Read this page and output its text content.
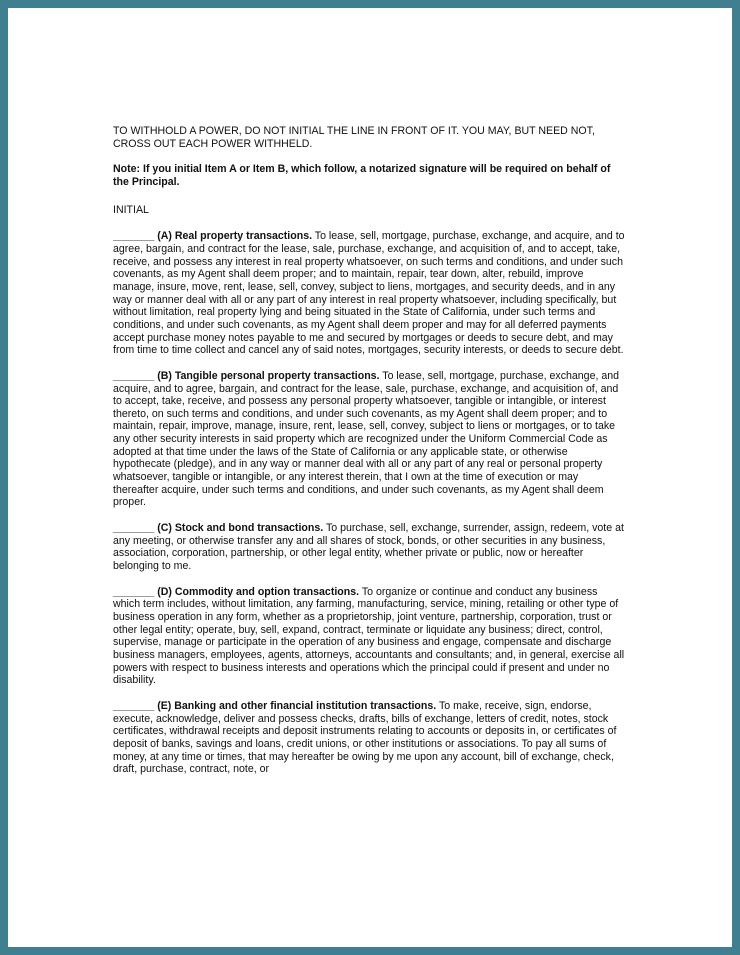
TO WITHHOLD A POWER, DO NOT INITIAL THE LINE IN FRONT OF IT. YOU MAY, BUT NEED NOT, CROSS OUT EACH POWER WITHHELD.

Note: If you initial Item A or Item B, which follow, a notarized signature will be required on behalf of the Principal.

INITIAL

_______ (A) Real property transactions. To lease, sell, mortgage, purchase, exchange, and acquire, and to agree, bargain, and contract for the lease, sale, purchase, exchange, and acquisition of, and to accept, take, receive, and possess any interest in real property whatsoever, on such terms and conditions, and under such covenants, as my Agent shall deem proper; and to maintain, repair, tear down, alter, rebuild, improve manage, insure, move, rent, lease, sell, convey, subject to liens, mortgages, and security deeds, and in any way or manner deal with all or any part of any interest in real property whatsoever, including specifically, but without limitation, real property lying and being situated in the State of California, under such terms and conditions, and under such covenants, as my Agent shall deem proper and may for all deferred payments accept purchase money notes payable to me and secured by mortgages or deeds to secure debt, and may from time to time collect and cancel any of said notes, mortgages, security interests, or deeds to secure debt.

_______ (B) Tangible personal property transactions. To lease, sell, mortgage, purchase, exchange, and acquire, and to agree, bargain, and contract for the lease, sale, purchase, exchange, and acquisition of, and to accept, take, receive, and possess any personal property whatsoever, tangible or intangible, or interest thereto, on such terms and conditions, and under such covenants, as my Agent shall deem proper; and to maintain, repair, improve, manage, insure, rent, lease, sell, convey, subject to liens or mortgages, or to take any other security interests in said property which are recognized under the Uniform Commercial Code as adopted at that time under the laws of the State of California or any applicable state, or otherwise hypothecate (pledge), and in any way or manner deal with all or any part of any real or personal property whatsoever, tangible or intangible, or any interest therein, that I own at the time of execution or may thereafter acquire, under such terms and conditions, and under such covenants, as my Agent shall deem proper.

_______ (C) Stock and bond transactions. To purchase, sell, exchange, surrender, assign, redeem, vote at any meeting, or otherwise transfer any and all shares of stock, bonds, or other securities in any business, association, corporation, partnership, or other legal entity, whether private or public, now or hereafter belonging to me.

_______ (D) Commodity and option transactions. To organize or continue and conduct any business which term includes, without limitation, any farming, manufacturing, service, mining, retailing or other type of business operation in any form, whether as a proprietorship, joint venture, partnership, corporation, trust or other legal entity; operate, buy, sell, expand, contract, terminate or liquidate any business; direct, control, supervise, manage or participate in the operation of any business and engage, compensate and discharge business managers, employees, agents, attorneys, accountants and consultants; and, in general, exercise all powers with respect to business interests and operations which the principal could if present and under no disability.

_______ (E) Banking and other financial institution transactions. To make, receive, sign, endorse, execute, acknowledge, deliver and possess checks, drafts, bills of exchange, letters of credit, notes, stock certificates, withdrawal receipts and deposit instruments relating to accounts or deposits in, or certificates of deposit of banks, savings and loans, credit unions, or other institutions or associations. To pay all sums of money, at any time or times, that may hereafter be owing by me upon any account, bill of exchange, check, draft, purchase, contract, note, or
